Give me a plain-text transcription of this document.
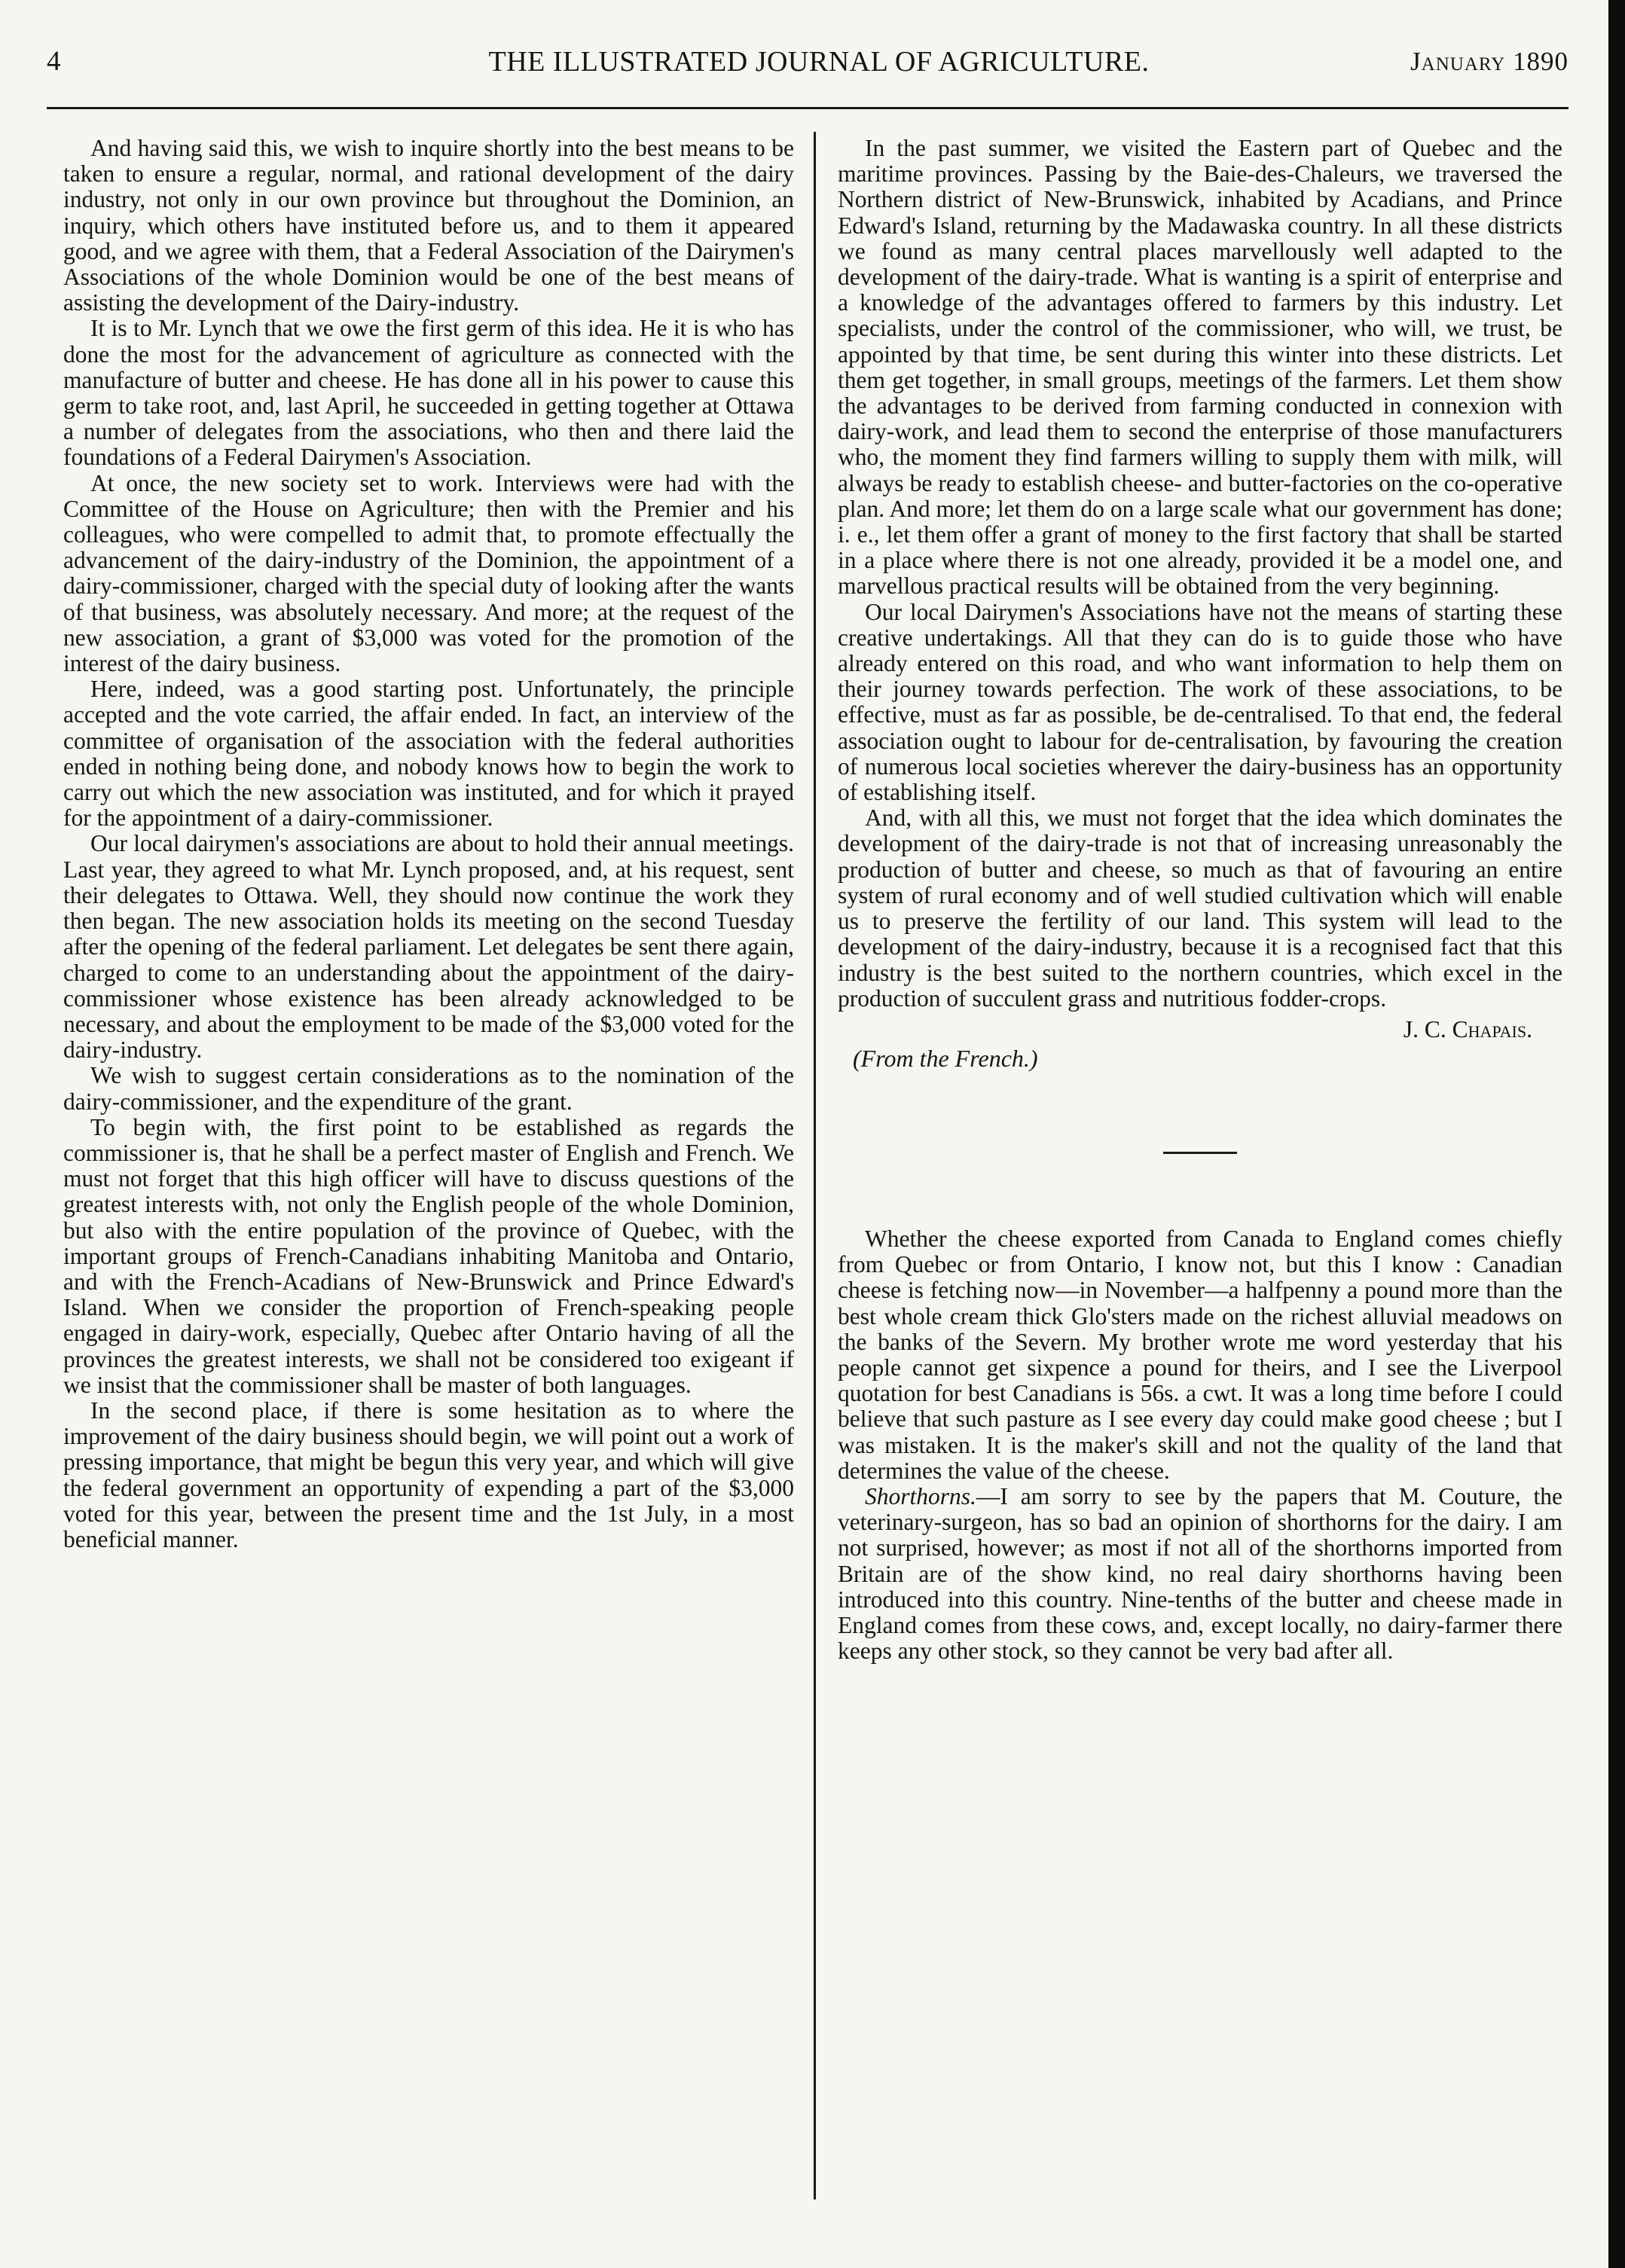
4	THE ILLUSTRATED JOURNAL OF AGRICULTURE.	January 1890

And having said this, we wish to inquire shortly into the best means to be taken to ensure a regular, normal, and rational development of the dairy industry, not only in our own province but throughout the Dominion, an inquiry, which others have instituted before us, and to them it appeared good, and we agree with them, that a Federal Association of the Dairymen's Associations of the whole Dominion would be one of the best means of assisting the development of the Dairy-industry.

It is to Mr. Lynch that we owe the first germ of this idea. He it is who has done the most for the advancement of agriculture as connected with the manufacture of butter and cheese. He has done all in his power to cause this germ to take root, and, last April, he succeeded in getting together at Ottawa a number of delegates from the associations, who then and there laid the foundations of a Federal Dairymen's Association.

At once, the new society set to work. Interviews were had with the Committee of the House on Agriculture; then with the Premier and his colleagues, who were compelled to admit that, to promote effectually the advancement of the dairy-industry of the Dominion, the appointment of a dairy-commissioner, charged with the special duty of looking after the wants of that business, was absolutely necessary. And more; at the request of the new association, a grant of $3,000 was voted for the promotion of the interest of the dairy business.

Here, indeed, was a good starting post. Unfortunately, the principle accepted and the vote carried, the affair ended. In fact, an interview of the committee of organisation of the association with the federal authorities ended in nothing being done, and nobody knows how to begin the work to carry out which the new association was instituted, and for which it prayed for the appointment of a dairy-commissioner.

Our local dairymen's associations are about to hold their annual meetings. Last year, they agreed to what Mr. Lynch proposed, and, at his request, sent their delegates to Ottawa. Well, they should now continue the work they then began. The new association holds its meeting on the second Tuesday after the opening of the federal parliament. Let delegates be sent there again, charged to come to an understanding about the appointment of the dairy-commissioner whose existence has been already acknowledged to be necessary, and about the employment to be made of the $3,000 voted for the dairy-industry.

We wish to suggest certain considerations as to the nomination of the dairy-commissioner, and the expenditure of the grant.

To begin with, the first point to be established as regards the commissioner is, that he shall be a perfect master of English and French. We must not forget that this high officer will have to discuss questions of the greatest interests with, not only the English people of the whole Dominion, but also with the entire population of the province of Quebec, with the important groups of French-Canadians inhabiting Manitoba and Ontario, and with the French-Acadians of New-Brunswick and Prince Edward's Island. When we consider the proportion of French-speaking people engaged in dairy-work, especially, Quebec after Ontario having of all the provinces the greatest interests, we shall not be considered too exigeant if we insist that the commissioner shall be master of both languages.

In the second place, if there is some hesitation as to where the improvement of the dairy business should begin, we will point out a work of pressing importance, that might be begun this very year, and which will give the federal government an opportunity of expending a part of the $3,000 voted for this year, between the present time and the 1st July, in a most beneficial manner.

In the past summer, we visited the Eastern part of Quebec and the maritime provinces. Passing by the Baie-des-Chaleurs, we traversed the Northern district of New-Brunswick, inhabited by Acadians, and Prince Edward's Island, returning by the Madawaska country. In all these districts we found as many central places marvellously well adapted to the development of the dairy-trade. What is wanting is a spirit of enterprise and a knowledge of the advantages offered to farmers by this industry. Let specialists, under the control of the commissioner, who will, we trust, be appointed by that time, be sent during this winter into these districts. Let them get together, in small groups, meetings of the farmers. Let them show the advantages to be derived from farming conducted in connexion with dairy-work, and lead them to second the enterprise of those manufacturers who, the moment they find farmers willing to supply them with milk, will always be ready to establish cheese- and butter-factories on the co-operative plan. And more; let them do on a large scale what our government has done; i. e., let them offer a grant of money to the first factory that shall be started in a place where there is not one already, provided it be a model one, and marvellous practical results will be obtained from the very beginning.

Our local Dairymen's Associations have not the means of starting these creative undertakings. All that they can do is to guide those who have already entered on this road, and who want information to help them on their journey towards perfection. The work of these associations, to be effective, must as far as possible, be de-centralised. To that end, the federal association ought to labour for de-centralisation, by favouring the creation of numerous local societies wherever the dairy-business has an opportunity of establishing itself.

And, with all this, we must not forget that the idea which dominates the development of the dairy-trade is not that of increasing unreasonably the production of butter and cheese, so much as that of favouring an entire system of rural economy and of well studied cultivation which will enable us to preserve the fertility of our land. This system will lead to the development of the dairy-industry, because it is a recognised fact that this industry is the best suited to the northern countries, which excel in the production of succulent grass and nutritious fodder-crops.

J. C. Chapais.
(From the French.)

Whether the cheese exported from Canada to England comes chiefly from Quebec or from Ontario, I know not, but this I know : Canadian cheese is fetching now—in November—a halfpenny a pound more than the best whole cream thick Glo'sters made on the richest alluvial meadows on the banks of the Severn. My brother wrote me word yesterday that his people cannot get sixpence a pound for theirs, and I see the Liverpool quotation for best Canadians is 56s. a cwt. It was a long time before I could believe that such pasture as I see every day could make good cheese ; but I was mistaken. It is the maker's skill and not the quality of the land that determines the value of the cheese.

Shorthorns.—I am sorry to see by the papers that M. Couture, the veterinary-surgeon, has so bad an opinion of shorthorns for the dairy. I am not surprised, however; as most if not all of the shorthorns imported from Britain are of the show kind, no real dairy shorthorns having been introduced into this country. Nine-tenths of the butter and cheese made in England comes from these cows, and, except locally, no dairy-farmer there keeps any other stock, so they cannot be very bad after all.
